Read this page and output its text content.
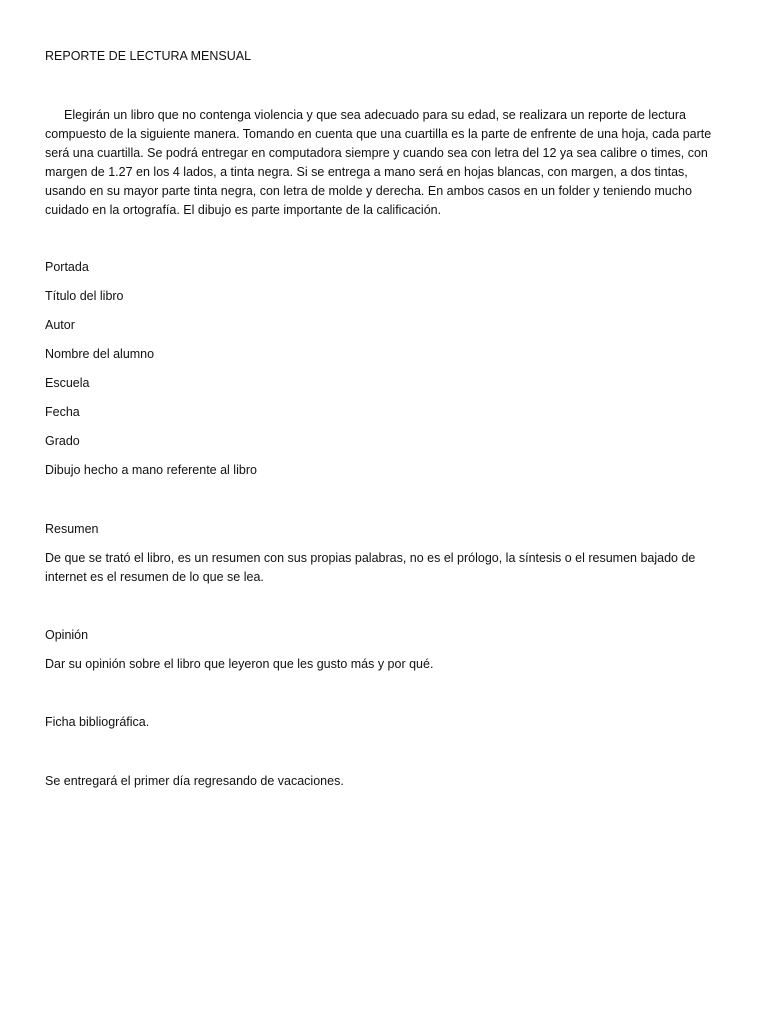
REPORTE DE LECTURA MENSUAL
Elegirán un libro que no contenga violencia y que sea adecuado para su edad, se realizara un reporte de lectura compuesto de la siguiente manera. Tomando en cuenta que una cuartilla es la parte de enfrente de una hoja, cada parte será una cuartilla. Se podrá entregar en computadora siempre y cuando sea con letra del 12 ya sea calibre o times, con margen de 1.27 en los 4 lados, a tinta negra. Si se entrega a mano será en hojas blancas, con margen, a dos tintas, usando en su mayor parte tinta negra, con letra de molde y derecha. En ambos casos en un folder y teniendo mucho cuidado en la ortografía. El dibujo es parte importante de la calificación.
Portada
Título del libro
Autor
Nombre del alumno
Escuela
Fecha
Grado
Dibujo hecho a mano referente al libro
Resumen
De que se trató el libro, es un resumen con sus propias palabras, no es el prólogo, la síntesis o el resumen bajado de internet es el resumen de lo que se lea.
Opinión
Dar su opinión sobre el libro que leyeron que les gusto más y por qué.
Ficha bibliográfica.
Se entregará el primer día regresando de vacaciones.
